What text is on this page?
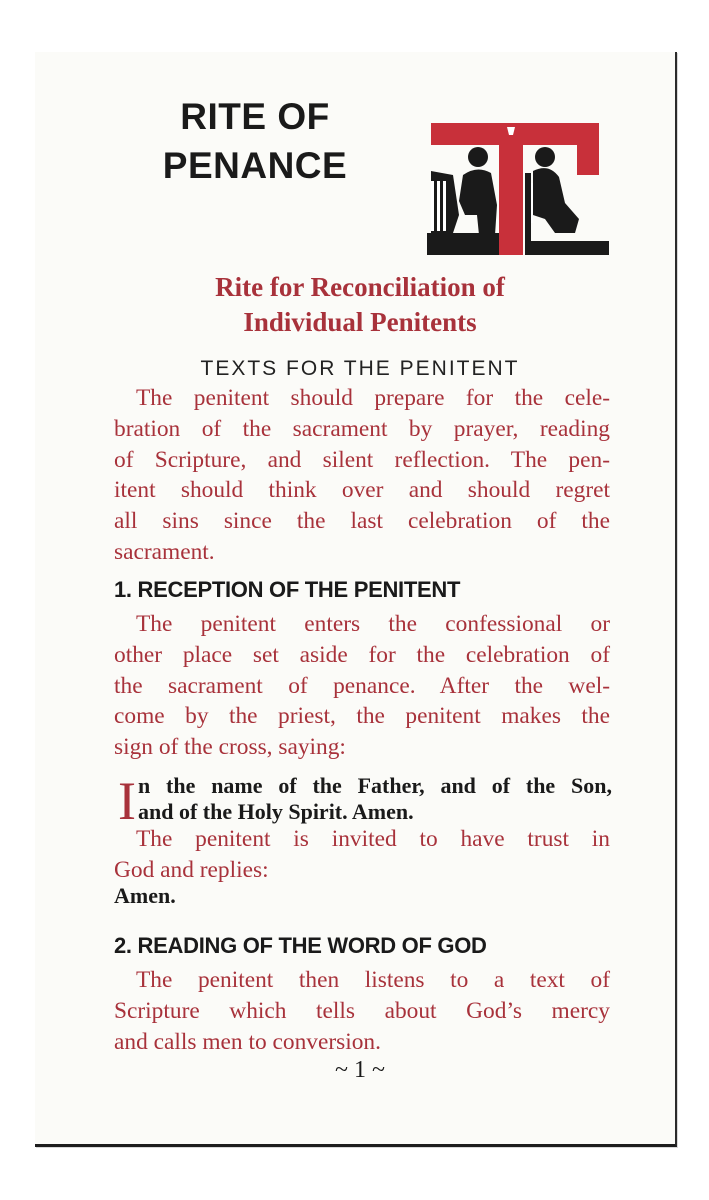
RITE OF
PENANCE
Rite for Reconciliation of
Individual Penitents
TEXTS FOR THE PENITENT
The penitent should prepare for the cele-
bration of the sacrament by prayer, reading
of Scripture, and silent reflection. The pen-
itent should think over and should regret
all sins since the last celebration of the
sacrament.
1. RECEPTION OF THE PENITENT
The penitent enters the confessional or
other place set aside for the celebration of
the sacrament of penance. After the wel-
come by the priest, the penitent makes the
sign of the cross, saying:
I n the name of the Father, and of the Son,
and of the Holy Spirit. Amen.
The penitent is invited to have trust in
God and replies:
Amen.
2. READING OF THE WORD OF GOD
The penitent then listens to a text of
Scripture which tells about God’s mercy
and calls men to conversion.
~ 1 ~
